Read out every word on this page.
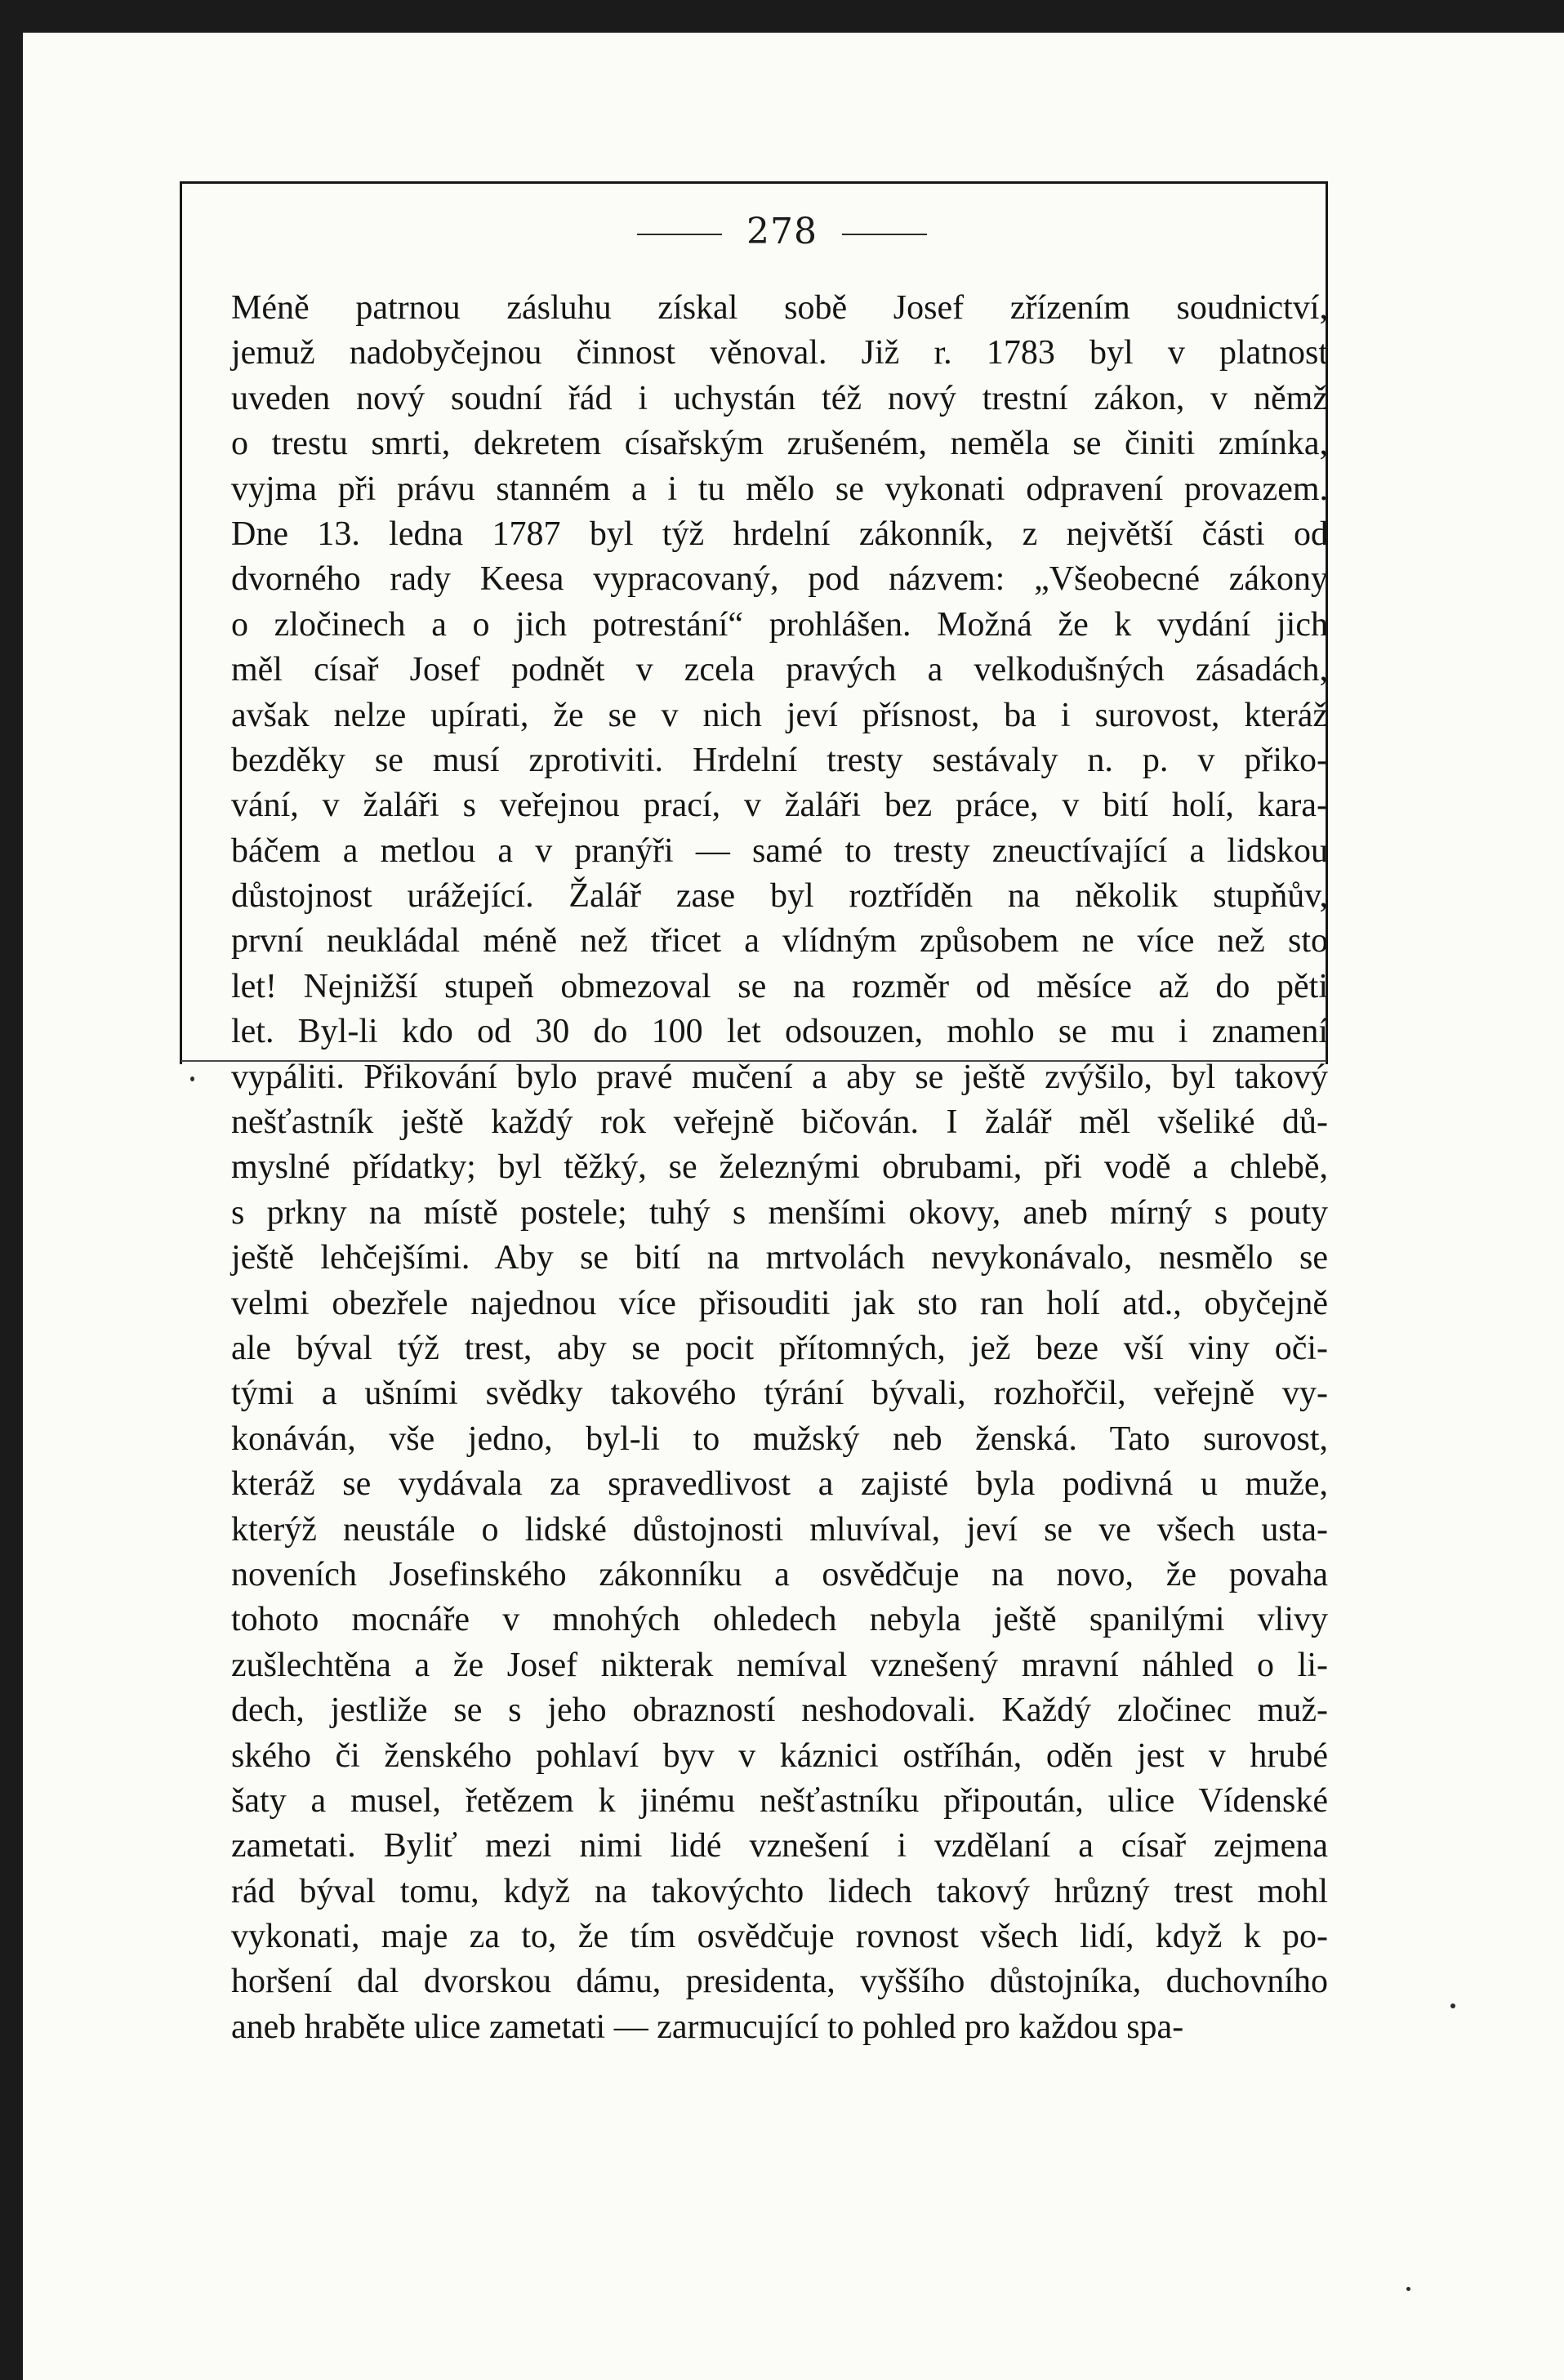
278
Méně patrnou zásluhu získal sobě Josef zřízením soudnictví,
jemuž nadobyčejnou činnost věnoval. Již r. 1783 byl v platnost
uveden nový soudní řád i uchystán též nový trestní zákon, v němž
o trestu smrti, dekretem císařským zrušeném, neměla se činiti zmínka,
vyjma při právu stanném a i tu mělo se vykonati odpravení provazem.
Dne 13. ledna 1787 byl týž hrdelní zákonník, z největší části od
dvorného rady Keesa vypracovaný, pod názvem: „Všeobecné zákony
o zločinech a o jich potrestání“ prohlášen. Možná že k vydání jich
měl císař Josef podnět v zcela pravých a velkodušných zásadách,
avšak nelze upírati, že se v nich jeví přísnost, ba i surovost, kteráž
bezděky se musí zprotiviti. Hrdelní tresty sestávaly n. p. v přiko-
vání, v žaláři s veřejnou prací, v žaláři bez práce, v bití holí, kara-
báčem a metlou a v pranýři — samé to tresty zneuctívající a lidskou
důstojnost urážející. Žalář zase byl roztříděn na několik stupňův,
první neukládal méně než třicet a vlídným způsobem ne více než sto
let! Nejnižší stupeň obmezoval se na rozměr od měsíce až do pěti
let. Byl-li kdo od 30 do 100 let odsouzen, mohlo se mu i znamení
vypáliti. Přikování bylo pravé mučení a aby se ještě zvýšilo, byl takový
nešťastník ještě každý rok veřejně bičován. I žalář měl všeliké dů-
myslné přídatky; byl těžký, se železnými obrubami, při vodě a chlebě,
s prkny na místě postele; tuhý s menšími okovy, aneb mírný s pouty
ještě lehčejšími. Aby se bití na mrtvolách nevykonávalo, nesmělo se
velmi obezřele najednou více přisouditi jak sto ran holí atd., obyčejně
ale býval týž trest, aby se pocit přítomných, jež beze vší viny oči-
tými a ušními svědky takového týrání bývali, rozhořčil, veřejně vy-
konáván, vše jedno, byl-li to mužský neb ženská. Tato surovost,
kteráž se vydávala za spravedlivost a zajisté byla podivná u muže,
kterýž neustále o lidské důstojnosti mluvíval, jeví se ve všech usta-
noveních Josefinského zákonníku a osvědčuje na novo, že povaha
tohoto mocnáře v mnohých ohledech nebyla ještě spanilými vlivy
zušlechtěna a že Josef nikterak nemíval vznešený mravní náhled o li-
dech, jestliže se s jeho obrazností neshodovali. Každý zločinec muž-
ského či ženského pohlaví byv v káznici ostříhán, oděn jest v hrubé
šaty a musel, řetězem k jinému nešťastníku připoután, ulice Vídenské
zametati. Byliť mezi nimi lidé vznešení i vzdělaní a císař zejmena
rád býval tomu, když na takovýchto lidech takový hrůzný trest mohl
vykonati, maje za to, že tím osvědčuje rovnost všech lidí, když k po-
horšení dal dvorskou dámu, presidenta, vyššího důstojníka, duchovního
aneb hraběte ulice zametati — zarmucující to pohled pro každou spa-
